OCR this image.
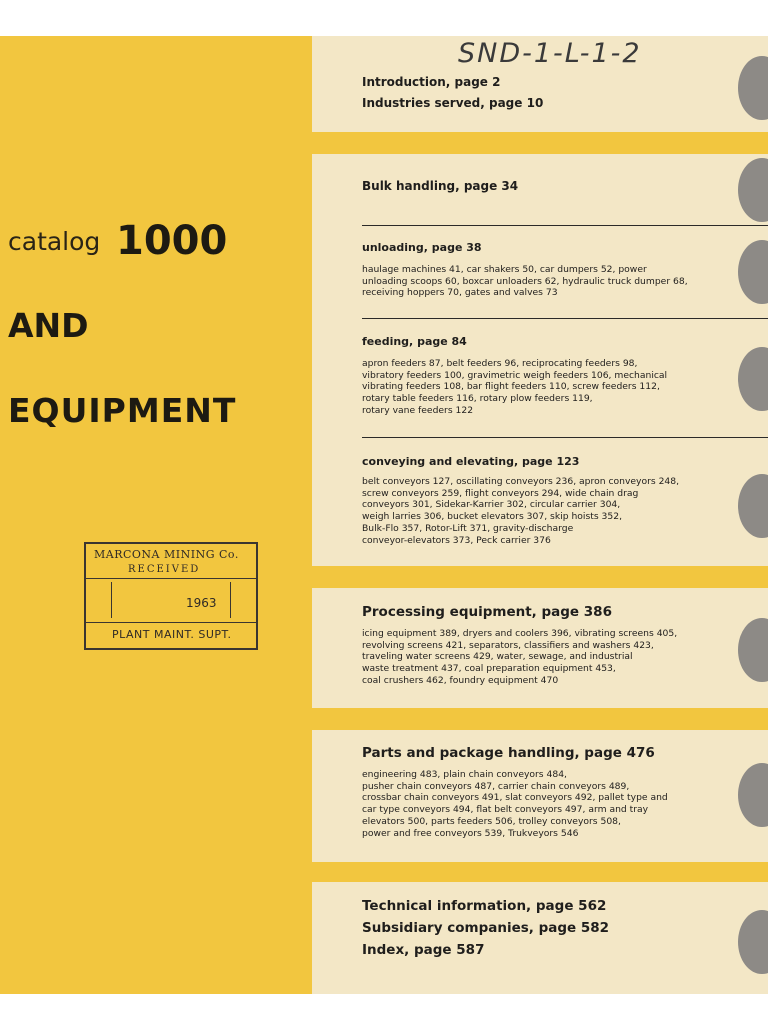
SND-1-L-1-2
catalog 1000
AND
EQUIPMENT
MARCONA MINING Co.
RECEIVED
1963
PLANT MAINT. SUPT.
Introduction, page 2
Industries served, page 10
Bulk handling, page 34
unloading, page 38
haulage machines 41, car shakers 50, car dumpers 52, power
unloading scoops 60, boxcar unloaders 62, hydraulic truck dumper 68,
receiving hoppers 70, gates and valves 73
feeding, page 84
apron feeders 87, belt feeders 96, reciprocating feeders 98,
vibratory feeders 100, gravimetric weigh feeders 106, mechanical
vibrating feeders 108, bar flight feeders 110, screw feeders 112,
rotary table feeders 116, rotary plow feeders 119,
rotary vane feeders 122
conveying and elevating, page 123
belt conveyors 127, oscillating conveyors 236, apron conveyors 248,
screw conveyors 259, flight conveyors 294, wide chain drag
conveyors 301, Sidekar-Karrier 302, circular carrier 304,
weigh larries 306, bucket elevators 307, skip hoists 352,
Bulk-Flo 357, Rotor-Lift 371, gravity-discharge
conveyor-elevators 373, Peck carrier 376
Processing equipment, page 386
icing equipment 389, dryers and coolers 396, vibrating screens 405,
revolving screens 421, separators, classifiers and washers 423,
traveling water screens 429, water, sewage, and industrial
waste treatment 437, coal preparation equipment 453,
coal crushers 462, foundry equipment 470
Parts and package handling, page 476
engineering 483, plain chain conveyors 484,
pusher chain conveyors 487, carrier chain conveyors 489,
crossbar chain conveyors 491, slat conveyors 492, pallet type and
car type conveyors 494, flat belt conveyors 497, arm and tray
elevators 500, parts feeders 506, trolley conveyors 508,
power and free conveyors 539, Trukveyors 546
Technical information, page 562
Subsidiary companies, page 582
Index, page 587
